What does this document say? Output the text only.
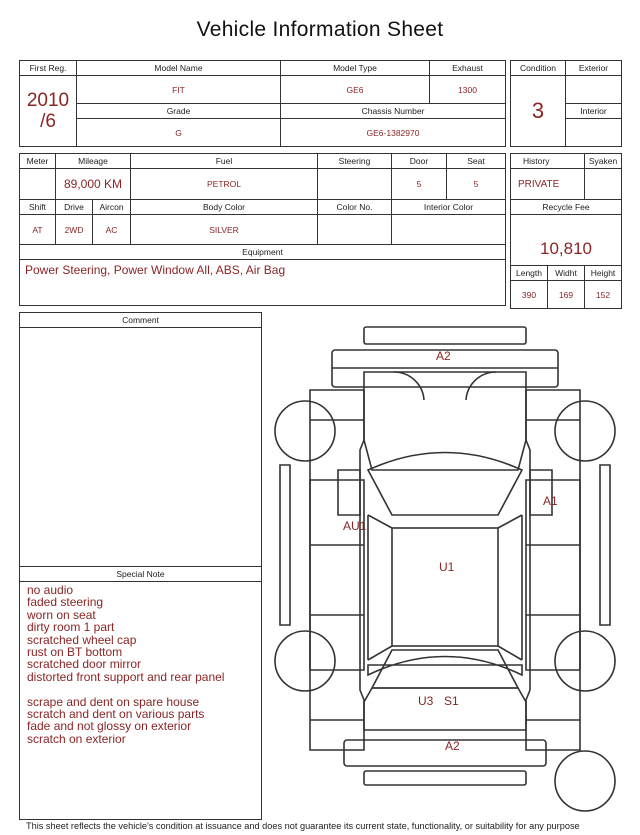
Vehicle Information Sheet
First Reg.	Model Name	Model Type	Exhaust

2010
/6	FIT	GE6	1300
	Grade	Chassis Number	
	G	GE6-1382970	
Condition	Exterior
3	
	Interior

Meter	Mileage		Fuel	Steering	Door	Seat
	89,000 KM		PETROL		5	5
Shift	Drive	Aircon	Body Color	Color No.	Interior Color	
AT	2WD	AC	SILVER			
Equipment						
Power Steering, Power Window All, ABS, Air Bag						
History		Syaken
PRIVATE		
Recycle Fee		
10,810		
Length	Widht	Height
390	169	152
Comment
Special Note
no audio
faded steering
worn on seat
dirty room 1 part
scratched wheel cap
rust on BT bottom
scratched door mirror
distorted front support and rear panel
scrape and dent on spare house
scratch and dent on various parts
fade and not glossy on exterior
scratch on exterior
A2
A1
AU1
U1
U3 S1
A2
This sheet reflects the vehicle's condition at issuance and does not guarantee its current state, functionality, or suitability for any purpose
